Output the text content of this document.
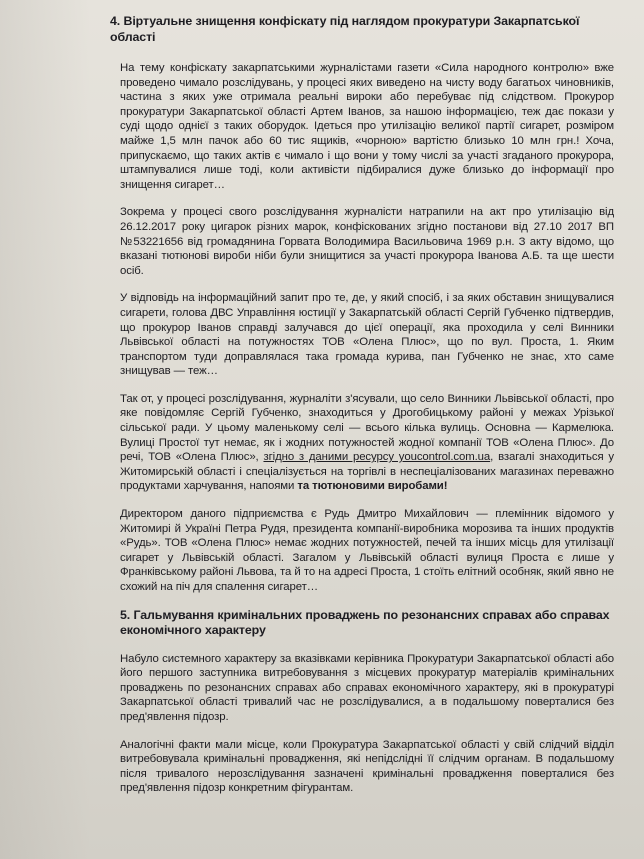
4. Віртуальне знищення конфіскату під наглядом прокуратури Закарпатської області

На тему конфіскату закарпатськими журналістами газети «Сила народного контролю» вже проведено чимало розслідувань, у процесі яких виведено на чисту воду багатьох чиновників, частина з яких уже отримала реальні вироки або перебуває під слідством. Прокурор прокуратури Закарпатської області Артем Іванов, за нашою інформацією, теж дає покази у суді щодо однієї з таких оборудок. Ідеться про утилізацію великої партії сигарет, розміром майже 1,5 млн пачок або 60 тис ящиків, «чорною» вартістю близько 10 млн грн.! Хоча, припускаємо, що таких актів є чимало і що вони у тому числі за участі згаданого прокурора, штампувалися лише тоді, коли активісти підбиралися дуже близько до інформації про знищення сигарет…

Зокрема у процесі свого розслідування журналісти натрапили на акт про утилізацію від 26.12.2017 року цигарок різних марок, конфіскованих згідно постанови від 27.10 2017 ВП №53221656 від громадянина Горвата Володимира Васильовича 1969 р.н. З акту відомо, що вказані тютюнові вироби ніби були знищитися за участі прокурора Іванова А.Б. та ще шести осіб.

У відповідь на інформаційний запит про те, де, у який спосіб, і за яких обставин знищувалися сигарети, голова ДВС Управління юстиції у Закарпатській області Сергій Губченко підтвердив, що прокурор Іванов справді залучався до цієї операції, яка проходила у селі Винники Львівської області на потужностях ТОВ «Олена Плюс», що по вул. Проста, 1. Яким транспортом туди доправлялася така громада курива, пан Губченко не знає, хто саме знищував — теж…

Так от, у процесі розслідування, журналіти з'ясували, що село Винники Львівської області, про яке повідомляє Сергій Губченко, знаходиться у Дрогобицькому районі у межах Урізької сільської ради. У цьому маленькому селі — всього кілька вулиць. Основна — Кармелюка. Вулиці Простої тут немає, як і жодних потужностей жодної компанії ТОВ «Олена Плюс». До речі, ТОВ «Олена Плюс», згідно з даними ресурсу youcontrol.com.ua, взагалі знаходиться у Житомирській області і спеціалізується на торгівлі в неспеціалізованих магазинах переважно продуктами харчування, напоями та тютюновими виробами!

Директором даного підприємства є Рудь Дмитро Михайлович — племінник відомого у Житомирі й Україні Петра Рудя, президента компанії-виробника морозива та інших продуктів «Рудь». ТОВ «Олена Плюс» немає жодних потужностей, печей та інших місць для утилізації сигарет у Львівській області. Загалом у Львівській області вулиця Проста є лише у Франківському районі Львова, та й то на адресі Проста, 1 стоїть елітний особняк, який явно не схожий на піч для спалення сигарет…

5. Гальмування кримінальних проваджень по резонансних справах або справах економічного характеру

Набуло системного характеру за вказівками керівника Прокуратури Закарпатської області або його першого заступника витребовування з місцевих прокуратур матеріалів кримінальних проваджень по резонансних справах або справах економічного характеру, які в прокуратурі Закарпатської області тривалий час не розслідувалися, а в подальшому поверталися без пред'явлення підозр.

Аналогічні факти мали місце, коли Прокуратура Закарпатської області у свій слідчий відділ витребовувала кримінальні провадження, які непідслідні її слідчим органам. В подальшому після тривалого нерозслідування зазначені кримінальні провадження поверталися без пред'явлення підозр конкретним фігурантам.
